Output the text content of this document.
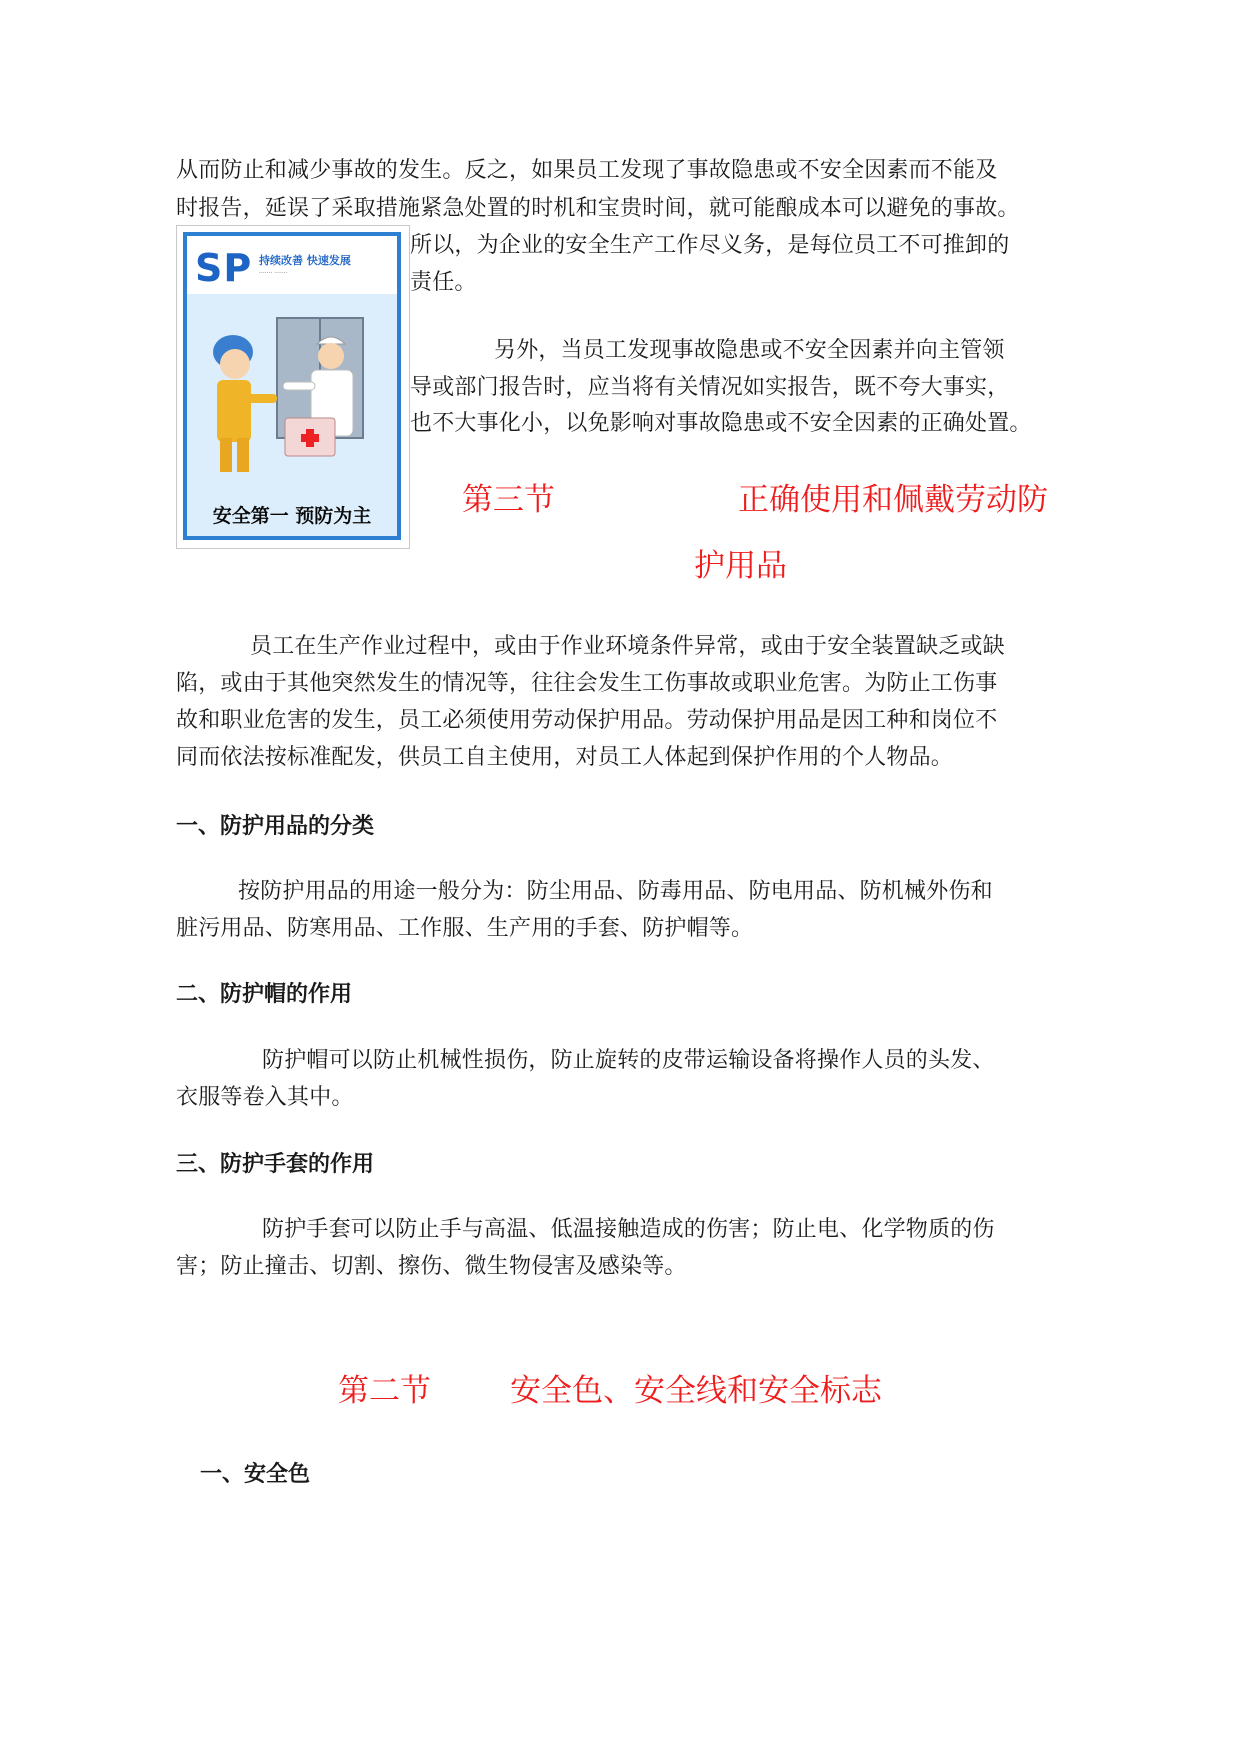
从而防止和减少事故的发生。反之，如果员工发现了事故隐患或不安全因素而不能及
时报告，延误了采取措施紧急处置的时机和宝贵时间，就可能酿成本可以避免的事故。
所以，为企业的安全生产工作尽义务，是每位员工不可推卸的
责任。
SP 持续改善 快速发展
······· ·······
安全第一 预防为主
另外，当员工发现事故隐患或不安全因素并向主管领
导或部门报告时，应当将有关情况如实报告，既不夸大事实，
也不大事化小，以免影响对事故隐患或不安全因素的正确处置。
第三节	正确使用和佩戴劳动防
护用品
员工在生产作业过程中，或由于作业环境条件异常，或由于安全装置缺乏或缺
陷，或由于其他突然发生的情况等，往往会发生工伤事故或职业危害。为防止工伤事
故和职业危害的发生，员工必须使用劳动保护用品。劳动保护用品是因工种和岗位不
同而依法按标准配发，供员工自主使用，对员工人体起到保护作用的个人物品。
一、防护用品的分类
按防护用品的用途一般分为：防尘用品、防毒用品、防电用品、防机械外伤和
脏污用品、防寒用品、工作服、生产用的手套、防护帽等。
二、防护帽的作用
防护帽可以防止机械性损伤，防止旋转的皮带运输设备将操作人员的头发、
衣服等卷入其中。
三、防护手套的作用
防护手套可以防止手与高温、低温接触造成的伤害；防止电、化学物质的伤
害；防止撞击、切割、擦伤、微生物侵害及感染等。
第二节	安全色、安全线和安全标志
一、安全色
